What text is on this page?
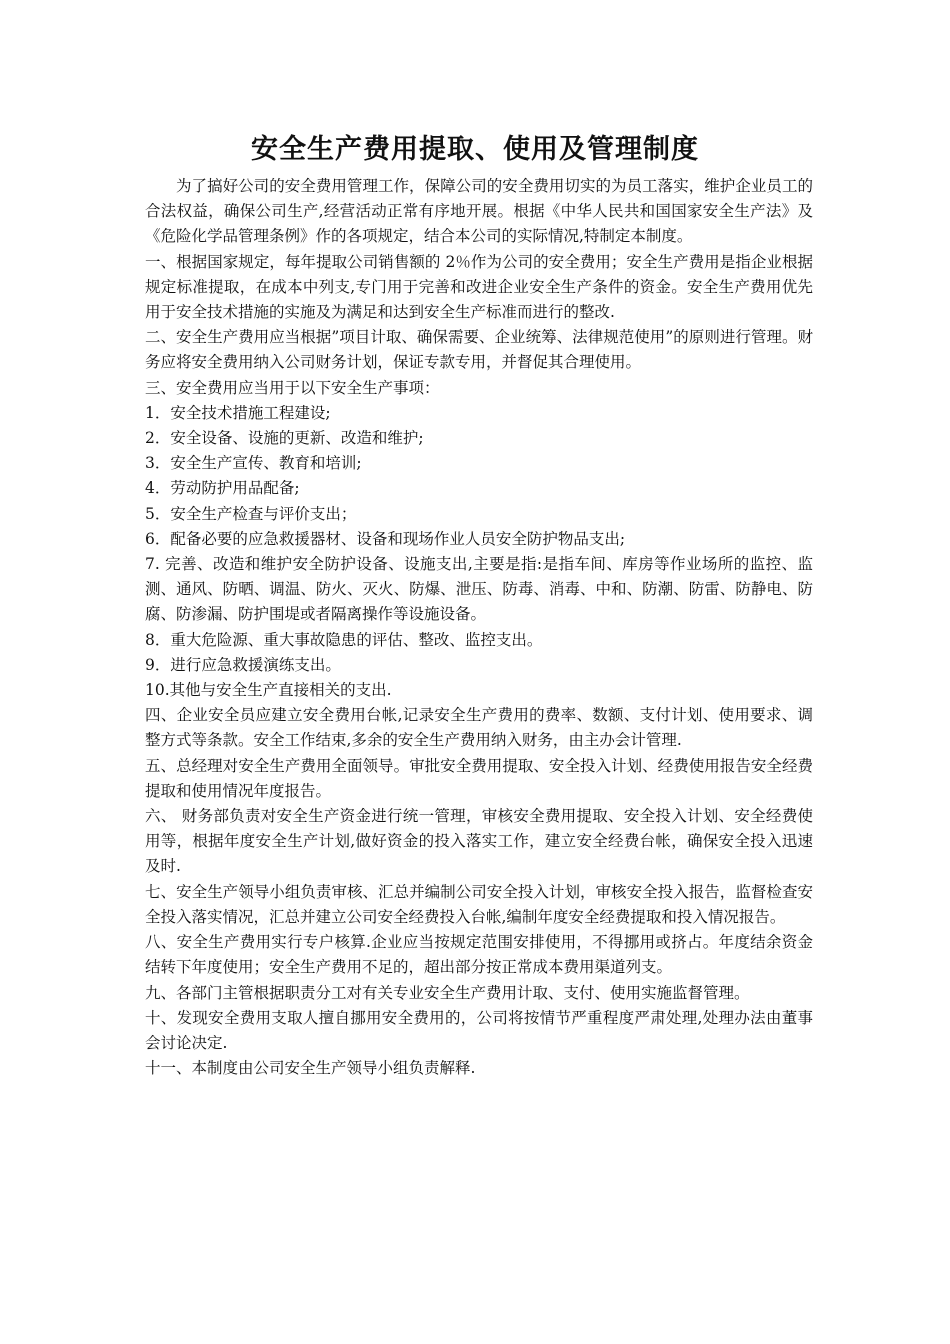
安全生产费用提取、使用及管理制度

为了搞好公司的安全费用管理工作，保障公司的安全费用切实的为员工落实，维护企业员工的合法权益，确保公司生产,经营活动正常有序地开展。根据《中华人民共和国国家安全生产法》及《危险化学品管理条例》作的各项规定，结合本公司的实际情况,特制定本制度。

一、根据国家规定，每年提取公司销售额的 2％作为公司的安全费用；安全生产费用是指企业根据规定标准提取，在成本中列支,专门用于完善和改进企业安全生产条件的资金。安全生产费用优先用于安全技术措施的实施及为满足和达到安全生产标准而进行的整改.

二、安全生产费用应当根据”项目计取、确保需要、企业统筹、法律规范使用”的原则进行管理。财务应将安全费用纳入公司财务计划，保证专款专用，并督促其合理使用。

三、安全费用应当用于以下安全生产事项：

1．安全技术措施工程建设;

2．安全设备、设施的更新、改造和维护;

3．安全生产宣传、教育和培训;

4．劳动防护用品配备;

5．安全生产检查与评价支出；

6．配备必要的应急救援器材、设备和现场作业人员安全防护物品支出;

7. 完善、改造和维护安全防护设备、设施支出,主要是指:是指车间、库房等作业场所的监控、监测、通风、防晒、调温、防火、灭火、防爆、泄压、防毒、消毒、中和、防潮、防雷、防静电、防腐、防渗漏、防护围堤或者隔离操作等设施设备。

8．重大危险源、重大事故隐患的评估、整改、监控支出。

9．进行应急救援演练支出。

10.其他与安全生产直接相关的支出.

四、企业安全员应建立安全费用台帐,记录安全生产费用的费率、数额、支付计划、使用要求、调整方式等条款。安全工作结束,多余的安全生产费用纳入财务，由主办会计管理.

五、总经理对安全生产费用全面领导。审批安全费用提取、安全投入计划、经费使用报告安全经费提取和使用情况年度报告。

六、 财务部负责对安全生产资金进行统一管理，审核安全费用提取、安全投入计划、安全经费使用等，根据年度安全生产计划,做好资金的投入落实工作，建立安全经费台帐，确保安全投入迅速及时.

七、安全生产领导小组负责审核、汇总并编制公司安全投入计划，审核安全投入报告，监督检查安全投入落实情况，汇总并建立公司安全经费投入台帐,编制年度安全经费提取和投入情况报告。

八、安全生产费用实行专户核算.企业应当按规定范围安排使用，不得挪用或挤占。年度结余资金结转下年度使用；安全生产费用不足的，超出部分按正常成本费用渠道列支。

九、各部门主管根据职责分工对有关专业安全生产费用计取、支付、使用实施监督管理。

十、发现安全费用支取人擅自挪用安全费用的，公司将按情节严重程度严肃处理,处理办法由董事会讨论决定.

十一、本制度由公司安全生产领导小组负责解释.
